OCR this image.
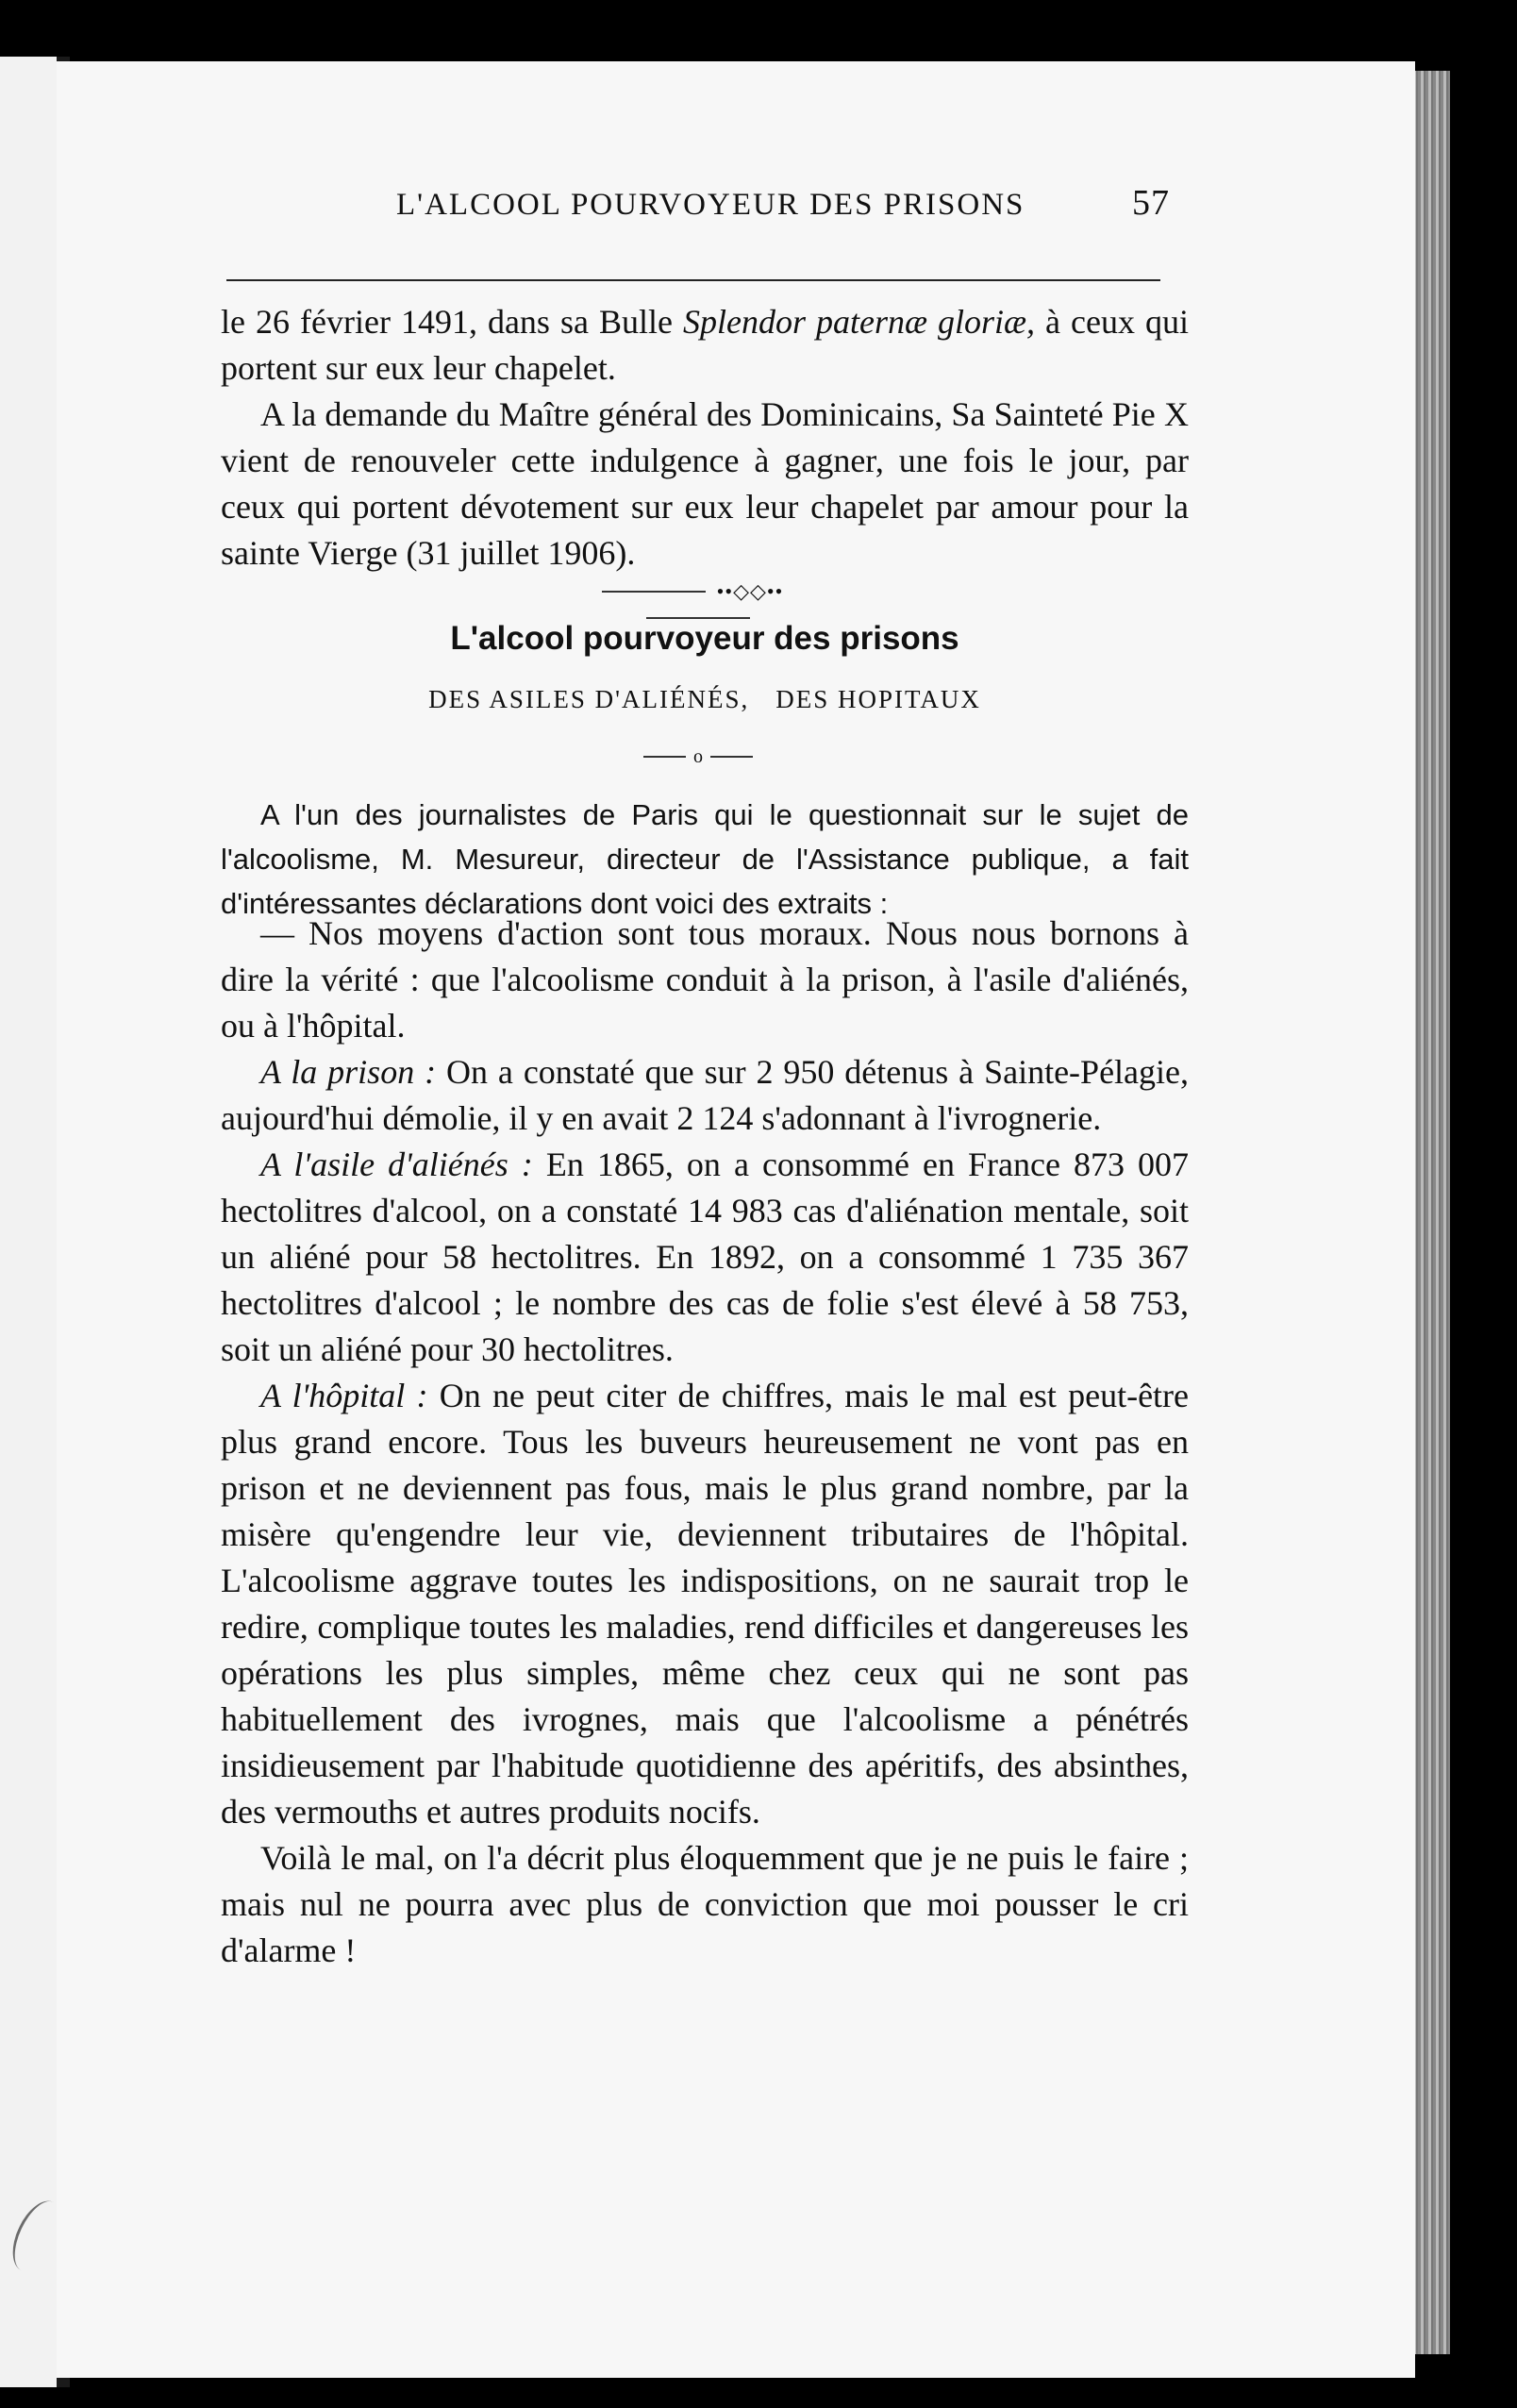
L'ALCOOL POURVOYEUR DES PRISONS	57

le 26 février 1491, dans sa Bulle Splendor paternæ gloriæ, à ceux qui portent sur eux leur chapelet.

A la demande du Maître général des Dominicains, Sa Sainteté Pie X vient de renouveler cette indulgence à gagner, une fois le jour, par ceux qui portent dévotement sur eux leur chapelet par amour pour la sainte Vierge (31 juillet 1906).

••◇◇••
L'alcool pourvoyeur des prisons
DES ASILES D'ALIÉNÉS, DES HOPITAUX
o

A l'un des journalistes de Paris qui le questionnait sur le sujet de l'alcoolisme, M. Mesureur, directeur de l'Assistance publique, a fait d'intéressantes déclarations dont voici des extraits :

— Nos moyens d'action sont tous moraux. Nous nous bornons à dire la vérité : que l'alcoolisme conduit à la prison, à l'asile d'aliénés, ou à l'hôpital.

A la prison : On a constaté que sur 2 950 détenus à Sainte-Pélagie, aujourd'hui démolie, il y en avait 2 124 s'adonnant à l'ivrognerie.

A l'asile d'aliénés : En 1865, on a consommé en France 873 007 hectolitres d'alcool, on a constaté 14 983 cas d'aliénation mentale, soit un aliéné pour 58 hectolitres. En 1892, on a consommé 1 735 367 hectolitres d'alcool ; le nombre des cas de folie s'est élevé à 58 753, soit un aliéné pour 30 hectolitres.

A l'hôpital : On ne peut citer de chiffres, mais le mal est peut-être plus grand encore. Tous les buveurs heureusement ne vont pas en prison et ne deviennent pas fous, mais le plus grand nombre, par la misère qu'engendre leur vie, deviennent tributaires de l'hôpital. L'alcoolisme aggrave toutes les indispositions, on ne saurait trop le redire, complique toutes les maladies, rend difficiles et dangereuses les opérations les plus simples, même chez ceux qui ne sont pas habituellement des ivrognes, mais que l'alcoolisme a pénétrés insidieusement par l'habitude quotidienne des apéritifs, des absinthes, des vermouths et autres produits nocifs.

Voilà le mal, on l'a décrit plus éloquemment que je ne puis le faire ; mais nul ne pourra avec plus de conviction que moi pousser le cri d'alarme !
